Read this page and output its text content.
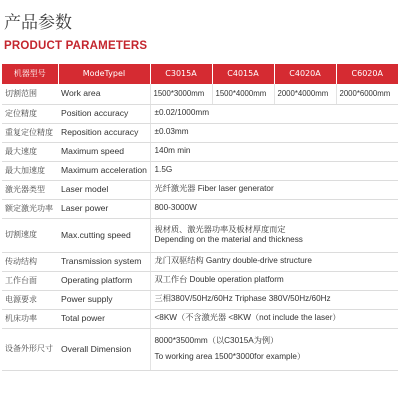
产品参数
PRODUCT PARAMETERS
机器型号	ModeTypeI	C3015A	C4015A	C4020A	C6020A
切割范围	Work area	1500*3000mm	1500*4000mm	2000*4000mm	2000*6000mm
定位精度	Position accuracy	±0.02/1000mm			
重复定位精度	Reposition accuracy	±0.03mm			
最大速度	Maximum speed	140m min			
最大加速度	Maximum acceleration	1.5G			
激光器类型	Laser model	光纤激光器 Fiber laser generator			
额定激光功率	Laser power	800-3000W			
切割速度	Max.cutting speed	视材质、激光器功率及板材厚度而定
Depending on the material and thickness			

传动结构	Transmission system	龙门双驱结构 Gantry double-drive structure			
工作台面	Operating platform	双工作台 Double operation platform			
电源要求	Power supply	三相380V/50Hz/60Hz Triphase 380V/50Hz/60Hz			
机床功率	Total power	<8KW（不含激光器 <8KW（not include the laser）			
设备外形尺寸	Overall Dimension	8000*3500mm（以C3015A为例）
To working area 1500*3000for example）			
